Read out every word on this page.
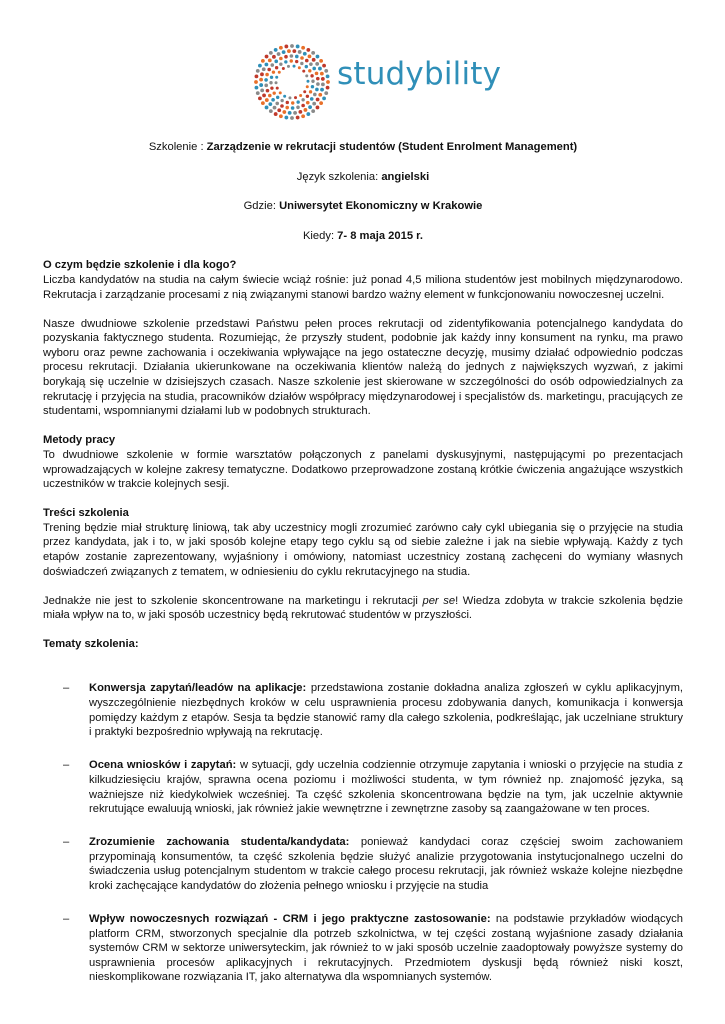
studybility

Szkolenie : Zarządzenie w rekrutacji studentów (Student Enrolment Management)

Język szkolenia: angielski

Gdzie: Uniwersytet Ekonomiczny w Krakowie

Kiedy: 7- 8 maja 2015 r.

O czym będzie szkolenie i dla kogo?

Liczba kandydatów na studia na całym świecie wciąż rośnie: już ponad 4,5 miliona studentów jest mobilnych międzynarodowo. Rekrutacja i zarządzanie procesami z nią związanymi stanowi bardzo ważny element w funkcjonowaniu nowoczesnej uczelni.

Nasze dwudniowe szkolenie przedstawi Państwu pełen proces rekrutacji od zidentyfikowania potencjalnego kandydata do pozyskania faktycznego studenta. Rozumiejąc, że przyszły student, podobnie jak każdy inny konsument na rynku, ma prawo wyboru oraz pewne zachowania i oczekiwania wpływające na jego ostateczne decyzję, musimy działać odpowiednio podczas procesu rekrutacji. Działania ukierunkowane na oczekiwania klientów należą do jednych z największych wyzwań, z jakimi borykają się uczelnie w dzisiejszych czasach. Nasze szkolenie jest skierowane w szczególności do osób odpowiedzialnych za rekrutację i przyjęcia na studia, pracowników działów współpracy międzynarodowej i specjalistów ds. marketingu, pracujących ze studentami, wspomnianymi działami lub w podobnych strukturach.

Metody pracy

To dwudniowe szkolenie w formie warsztatów połączonych z panelami dyskusyjnymi, następującymi po prezentacjach wprowadzających w kolejne zakresy tematyczne. Dodatkowo przeprowadzone zostaną krótkie ćwiczenia angażujące wszystkich uczestników w trakcie kolejnych sesji.

Treści szkolenia

Trening będzie miał strukturę liniową, tak aby uczestnicy mogli zrozumieć zarówno cały cykl ubiegania się o przyjęcie na studia przez kandydata, jak i to, w jaki sposób kolejne etapy tego cyklu są od siebie zależne i jak na siebie wpływają. Każdy z tych etapów zostanie zaprezentowany, wyjaśniony i omówiony, natomiast uczestnicy zostaną zachęceni do wymiany własnych doświadczeń związanych z tematem, w odniesieniu do cyklu rekrutacyjnego na studia.

Jednakże nie jest to szkolenie skoncentrowane na marketingu i rekrutacji per se! Wiedza zdobyta w trakcie szkolenia będzie miała wpływ na to, w jaki sposób uczestnicy będą rekrutować studentów w przyszłości.

Tematy szkolenia:

– Konwersja zapytań/leadów na aplikacje: przedstawiona zostanie dokładna analiza zgłoszeń w cyklu aplikacyjnym, wyszczególnienie niezbędnych kroków w celu usprawnienia procesu zdobywania danych, komunikacja i konwersja pomiędzy każdym z etapów. Sesja ta będzie stanowić ramy dla całego szkolenia, podkreślając, jak uczelniane struktury i praktyki bezpośrednio wpływają na rekrutację.
– Ocena wniosków i zapytań: w sytuacji, gdy uczelnia codziennie otrzymuje zapytania i wnioski o przyjęcie na studia z kilkudziesięciu krajów, sprawna ocena poziomu i możliwości studenta, w tym również np. znajomość języka, są ważniejsze niż kiedykolwiek wcześniej. Ta część szkolenia skoncentrowana będzie na tym, jak uczelnie aktywnie rekrutujące ewaluują wnioski, jak również jakie wewnętrzne i zewnętrzne zasoby są zaangażowane w ten proces.
– Zrozumienie zachowania studenta/kandydata: ponieważ kandydaci coraz częściej swoim zachowaniem przypominają konsumentów, ta część szkolenia będzie służyć analizie przygotowania instytucjonalnego uczelni do świadczenia usług potencjalnym studentom w trakcie całego procesu rekrutacji, jak również wskaże kolejne niezbędne kroki zachęcające kandydatów do złożenia pełnego wniosku i przyjęcie na studia
– Wpływ nowoczesnych rozwiązań - CRM i jego praktyczne zastosowanie: na podstawie przykładów wiodących platform CRM, stworzonych specjalnie dla potrzeb szkolnictwa, w tej części zostaną wyjaśnione zasady działania systemów CRM w sektorze uniwersyteckim, jak również to w jaki sposób uczelnie zaadoptowały powyższe systemy do usprawnienia procesów aplikacyjnych i rekrutacyjnych. Przedmiotem dyskusji będą również niski koszt, nieskomplikowane rozwiązania IT, jako alternatywa dla wspomnianych systemów.
